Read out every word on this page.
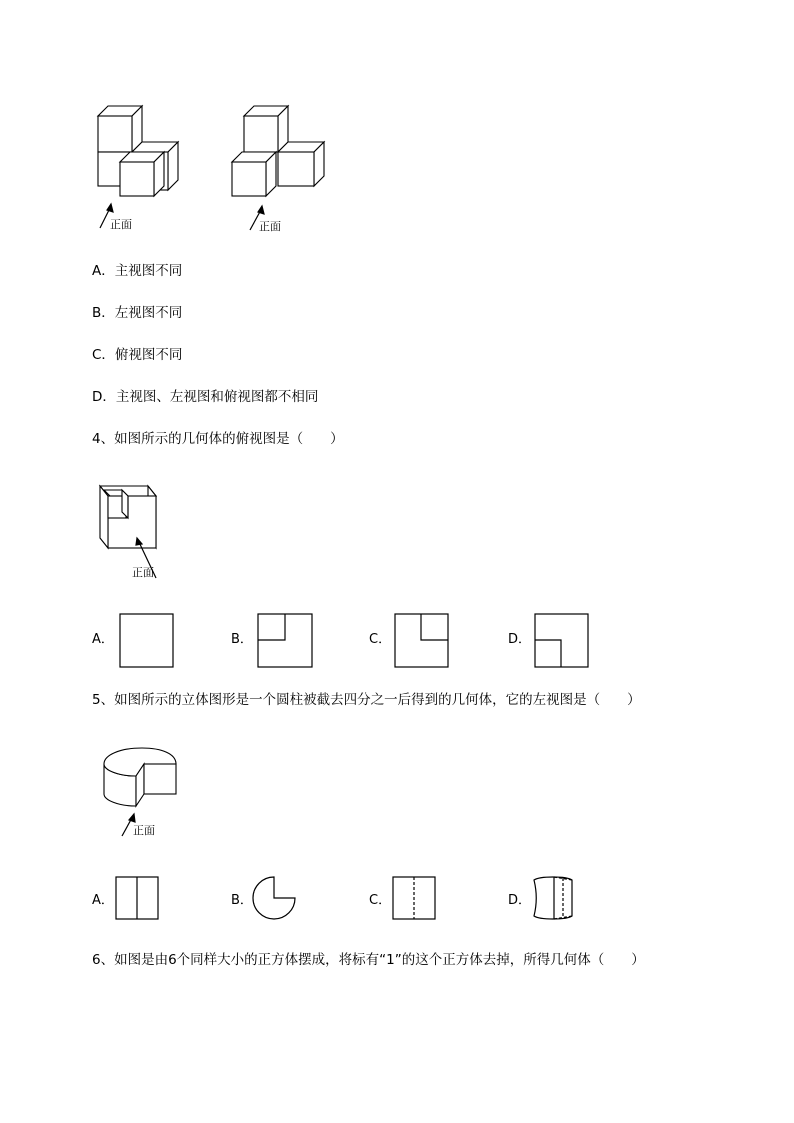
正面	正面
A．主视图不同
B．左视图不同
C．俯视图不同
D．主视图、左视图和俯视图都不相同
4、如图所示的几何体的俯视图是（　　）
正面
A．	B．	C．	D．
5、如图所示的立体图形是一个圆柱被截去四分之一后得到的几何体，它的左视图是（　　）
正面
A．	B．	C．	D．
6、如图是由6个同样大小的正方体摆成，将标有“1”的这个正方体去掉，所得几何体（　　）
